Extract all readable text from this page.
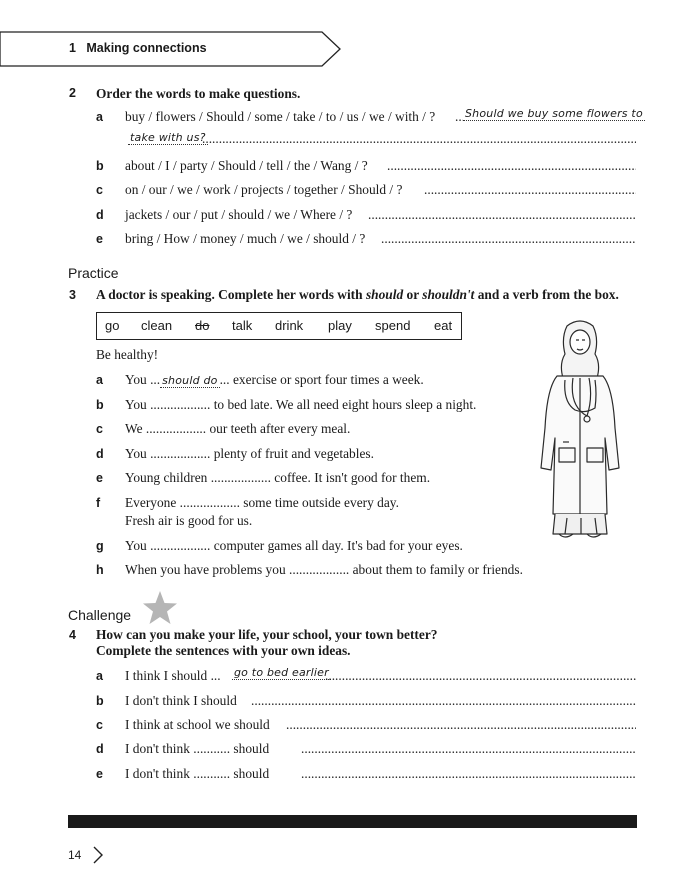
1 Making connections
2 Order the words to make questions.
a buy / flowers / Should / some / take / to / us / we / with / ?
.....	Should we buy some flowers to
take with us?
.....
b about / I / party / Should / tell / the / Wang / ?
.....
c on / our / we / work / projects / together / Should / ?
.....
d jackets / our / put / should / we / Where / ?
.....
e bring / How / money / much / we / should / ?
.....
Practice
3 A doctor is speaking. Complete her words with should or shouldn't and a verb from the box.
go clean do talk drink play spend eat
Be healthy!
a You ... should do ... exercise or sport four times a week.
b You .................. to bed late. We all need eight hours sleep a night.
c We .................. our teeth after every meal.
d You .................. plenty of fruit and vegetables.
e Young children .................. coffee. It isn't good for them.
f Everyone .................. some time outside every day.
Fresh air is good for us.
g You .................. computer games all day. It's bad for your eyes.
h When you have problems you .................. about them to family or friends.
Challenge
4 How can you make your life, your school, your town better?
Complete the sentences with your own ideas.
a I think I should ... go to bed earlier
.....
b I don't think I should
.....
c I think at school we should
.....
d I don't think ........... should
.....
e I don't think ........... should
.....
14
